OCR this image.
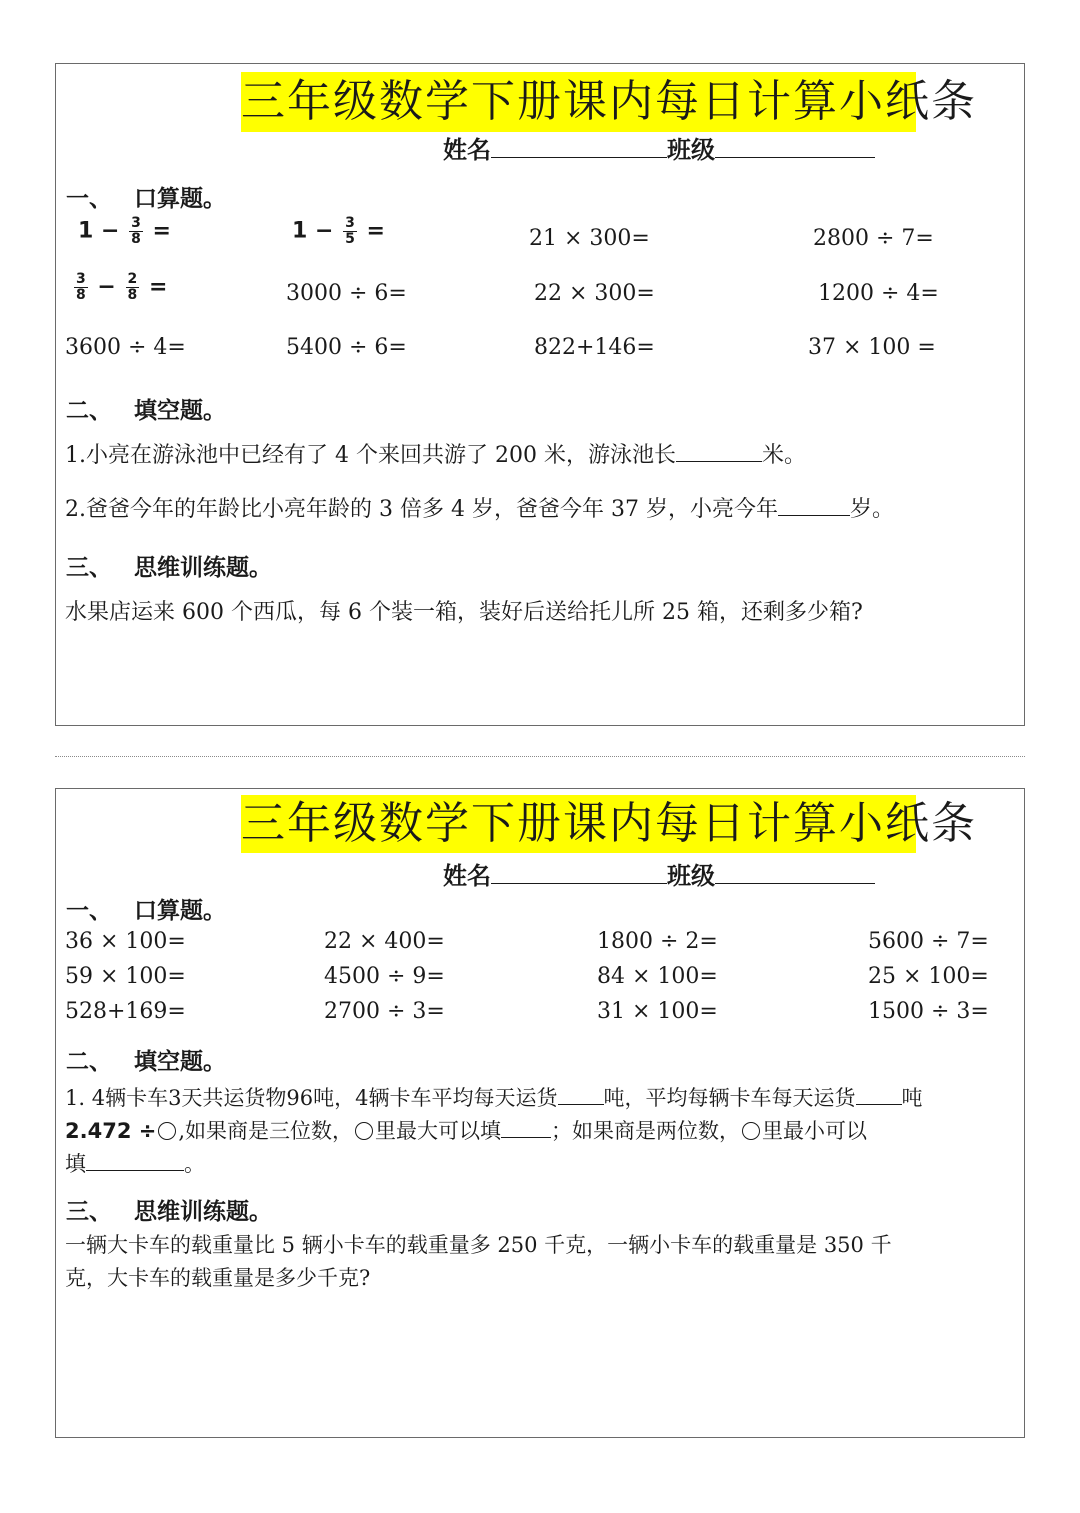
三年级数学下册课内每日计算小纸条
姓名	班级
一、 口算题。
$1 - \frac{3}{8}$ =	$1 - \frac{3}{5}$ =	21 × 300=	2800 ÷ 7=
$\frac{3}{8} - \frac{2}{8}$ =	3000 ÷ 6=	22 × 300=	1200 ÷ 4=
3600 ÷ 4=	5400 ÷ 6=	822+146=	37 × 100 =
二、 填空题。
1.小亮在游泳池中已经有了 4 个来回共游了 200 米，游泳池长	米。
2.爸爸今年的年龄比小亮年龄的 3 倍多 4 岁，爸爸今年 37 岁，小亮今年	岁。
三、 思维训练题。
水果店运来 600 个西瓜，每 6 个装一箱，装好后送给托儿所 25 箱，还剩多少箱?
三年级数学下册课内每日计算小纸条
姓名	班级
一、 口算题。
36 × 100=	22 × 400=	1800 ÷ 2=	5600 ÷ 7=
59 × 100=	4500 ÷ 9=	84 × 100=	25 × 100=
528+169=	2700 ÷ 3=	31 × 100=	1500 ÷ 3=
二、 填空题。
1. 4辆卡车3天共运货物96吨，4辆卡车平均每天运货 吨，平均每辆卡车每天运货 吨
2.472 ÷ ,如果商是三位数， 里最大可以填 ；如果商是两位数， 里最小可以
填	。
三、 思维训练题。
一辆大卡车的载重量比 5 辆小卡车的载重量多 250 千克，一辆小卡车的载重量是 350 千
克，大卡车的载重量是多少千克?
